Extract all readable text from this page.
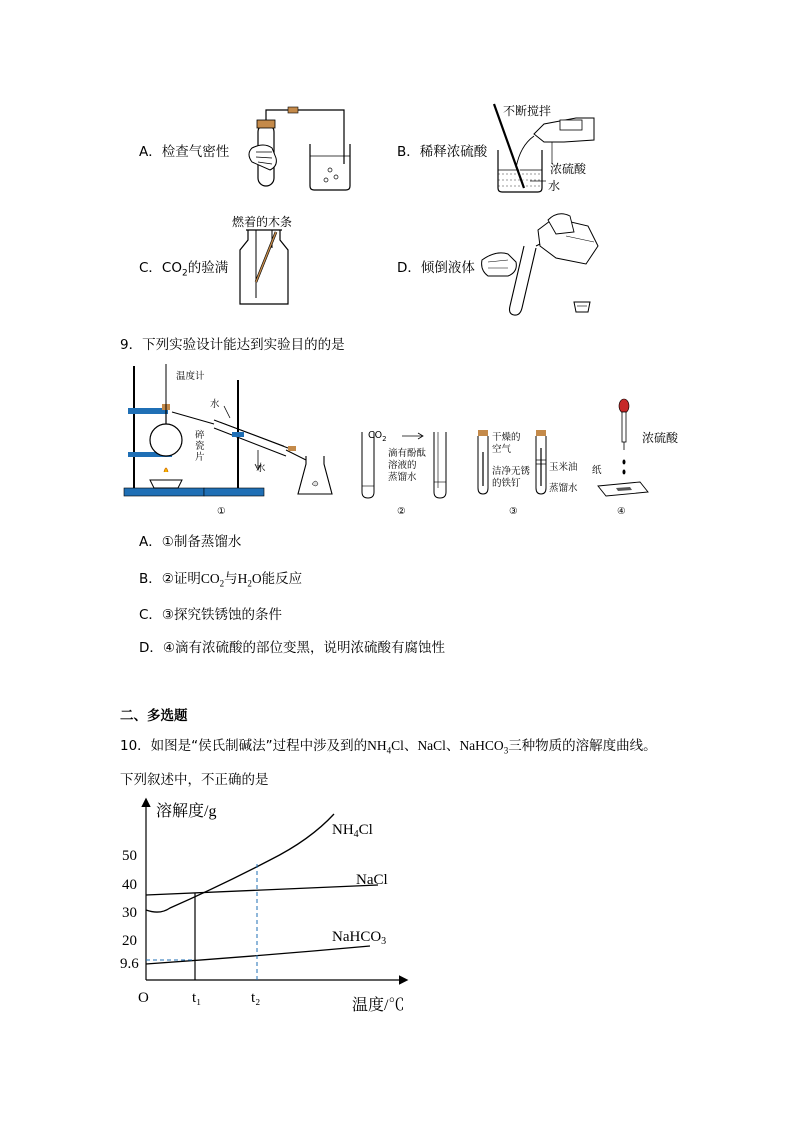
A．检查气密性	B．稀释浓硫酸
不断搅拌
浓硫酸
水
C．$CO_2$的验满
燃着的木条
D．倾倒液体
9．下列实验设计能达到实验目的的是
温度计
水
水
碎
瓷
片
①
$CO_2$
滴有酚酞
溶液的
蒸馏水
②
干燥的
空气
洁净无锈
的铁钉
玉米油
蒸馏水
③
浓硫酸
纸
④
A．①制备蒸馏水
B．②证明$CO_2$与$H_2O$能反应
C．③探究铁锈蚀的条件
D．④滴有浓硫酸的部位变黑，说明浓硫酸有腐蚀性
二、多选题
10．如图是“侯氏制碱法”过程中涉及到的$NH_4Cl$、NaCl、NaHCO$_3$三种物质的溶解度曲线。
下列叙述中，不正确的是
溶解度/g
50
40
30
20
9.6
O	t₁	t₂	温度/℃
$NH_4Cl$
NaCl
NaHCO$_3$
